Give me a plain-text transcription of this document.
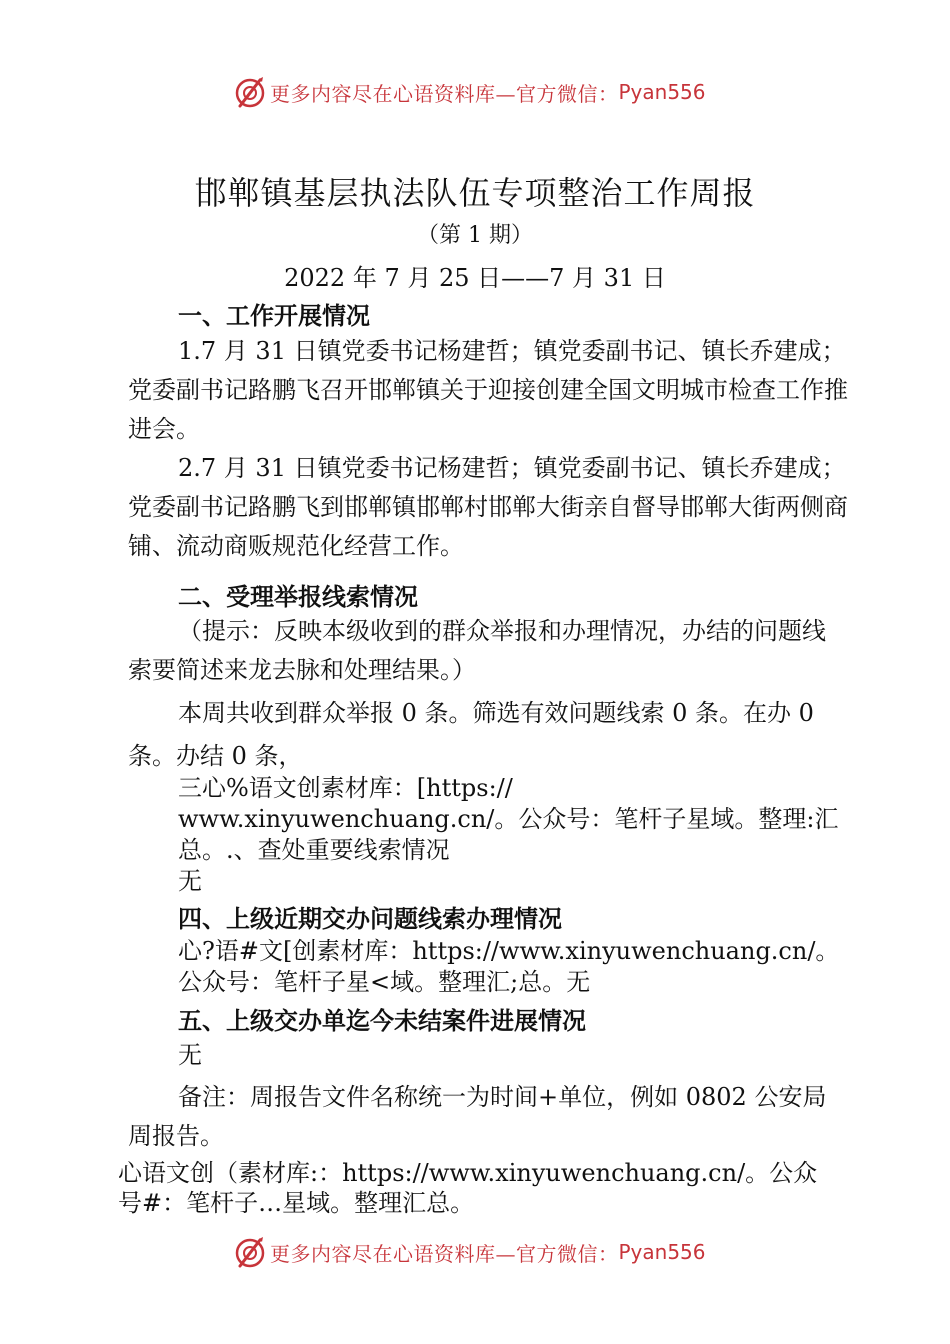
更多内容尽在心语资料库—官方微信： Pyan556
邯郸镇基层执法队伍专项整治工作周报
（第 1 期）
2022 年 7 月 25 日——7 月 31 日
一、工作开展情况

1.7 月 31 日镇党委书记杨建哲；镇党委副书记、镇长乔建成；党委副书记路鹏飞召开邯郸镇关于迎接创建全国文明城市检查工作推进会。

2.7 月 31 日镇党委书记杨建哲；镇党委副书记、镇长乔建成；党委副书记路鹏飞到邯郸镇邯郸村邯郸大街亲自督导邯郸大街两侧商铺、流动商贩规范化经营工作。

二、受理举报线索情况

（提示：反映本级收到的群众举报和办理情况，办结的问题线索要简述来龙去脉和处理结果。）

本周共收到群众举报 0 条。筛选有效问题线索 0 条。在办 0 条。办结 0 条，

三心%语文创素材库：[https:// www.xinyuwenchuang.cn/。公众号：笔杆子星域。整理:汇总。.、查处重要线索情况

无

四、上级近期交办问题线索办理情况

心?语#文[创素材库：https://www.xinyuwenchuang.cn/。公众号：笔杆子星<域。整理汇;总。无

五、上级交办单迄今未结案件进展情况

无

备注：周报告文件名称统一为时间+单位，例如 0802 公安局周报告。

心语文创（素材库:：https://www.xinyuwenchuang.cn/。公众号#：笔杆子…星域。整理汇总。

更多内容尽在心语资料库—官方微信： Pyan556
